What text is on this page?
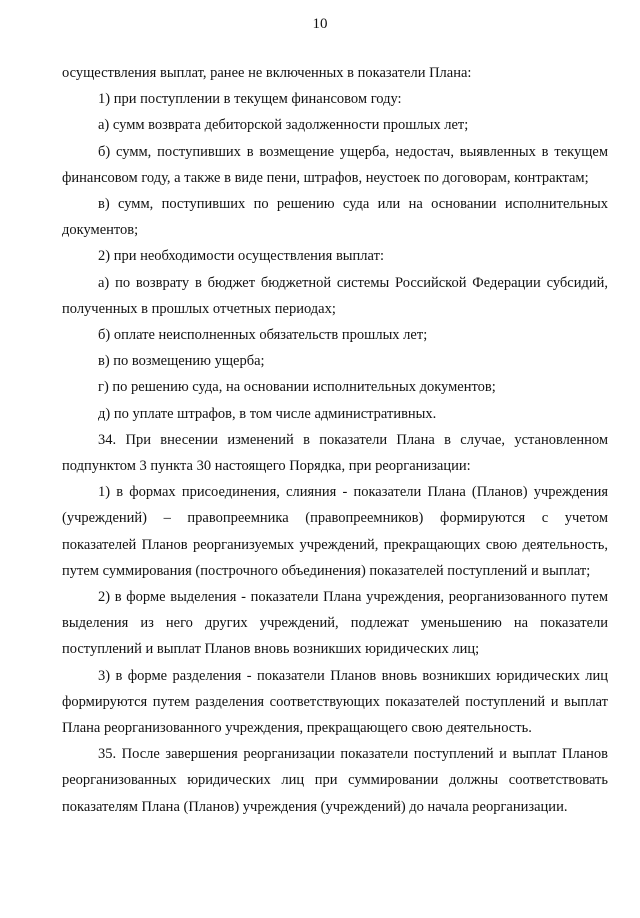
10

осуществления выплат, ранее не включенных в показатели Плана:

1) при поступлении в текущем финансовом году:

а) сумм возврата дебиторской задолженности прошлых лет;

б) сумм, поступивших в возмещение ущерба, недостач, выявленных в текущем финансовом году, а также в виде пени, штрафов, неустоек по договорам, контрактам;

в) сумм, поступивших по решению суда или на основании исполнительных документов;

2) при необходимости осуществления выплат:

а) по возврату в бюджет бюджетной системы Российской Федерации субсидий, полученных в прошлых отчетных периодах;

б) оплате неисполненных обязательств прошлых лет;

в) по возмещению ущерба;

г) по решению суда, на основании исполнительных документов;

д) по уплате штрафов, в том числе административных.

34. При внесении изменений в показатели Плана в случае, установленном подпунктом 3 пункта 30 настоящего Порядка, при реорганизации:

1) в формах присоединения, слияния - показатели Плана (Планов) учреждения (учреждений) – правопреемника (правопреемников) формируются с учетом показателей Планов реорганизуемых учреждений, прекращающих свою деятельность, путем суммирования (построчного объединения) показателей поступлений и выплат;

2) в форме выделения - показатели Плана учреждения, реорганизованного путем выделения из него других учреждений, подлежат уменьшению на показатели поступлений и выплат Планов вновь возникших юридических лиц;

3) в форме разделения - показатели Планов вновь возникших юридических лиц формируются путем разделения соответствующих показателей поступлений и выплат Плана реорганизованного учреждения, прекращающего свою деятельность.

35. После завершения реорганизации показатели поступлений и выплат Планов реорганизованных юридических лиц при суммировании должны соответствовать показателям Плана (Планов) учреждения (учреждений) до начала реорганизации.
